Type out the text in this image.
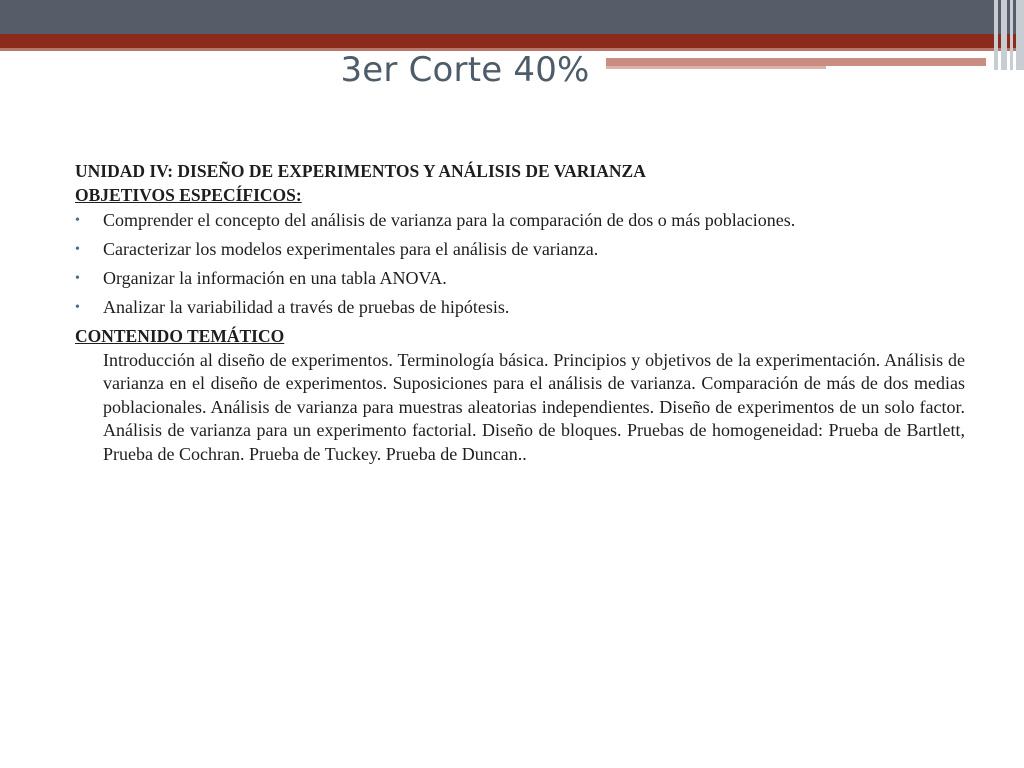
3er Corte 40%

UNIDAD IV: DISEÑO DE EXPERIMENTOS Y ANÁLISIS DE VARIANZA

OBJETIVOS ESPECÍFICOS:

•	Comprender el concepto del análisis de varianza para la comparación de dos o más poblaciones.
•	Caracterizar los modelos experimentales para el análisis de varianza.
•	Organizar la información en una tabla ANOVA.
•	Analizar la variabilidad a través de pruebas de hipótesis.

CONTENIDO TEMÁTICO

Introducción al diseño de experimentos. Terminología básica. Principios y objetivos de la experimentación. Análisis de varianza en el diseño de experimentos. Suposiciones para el análisis de varianza. Comparación de más de dos medias poblacionales. Análisis de varianza para muestras aleatorias independientes. Diseño de experimentos de un solo factor. Análisis de varianza para un experimento factorial. Diseño de bloques. Pruebas de homogeneidad: Prueba de Bartlett, Prueba de Cochran. Prueba de Tuckey. Prueba de Duncan..
